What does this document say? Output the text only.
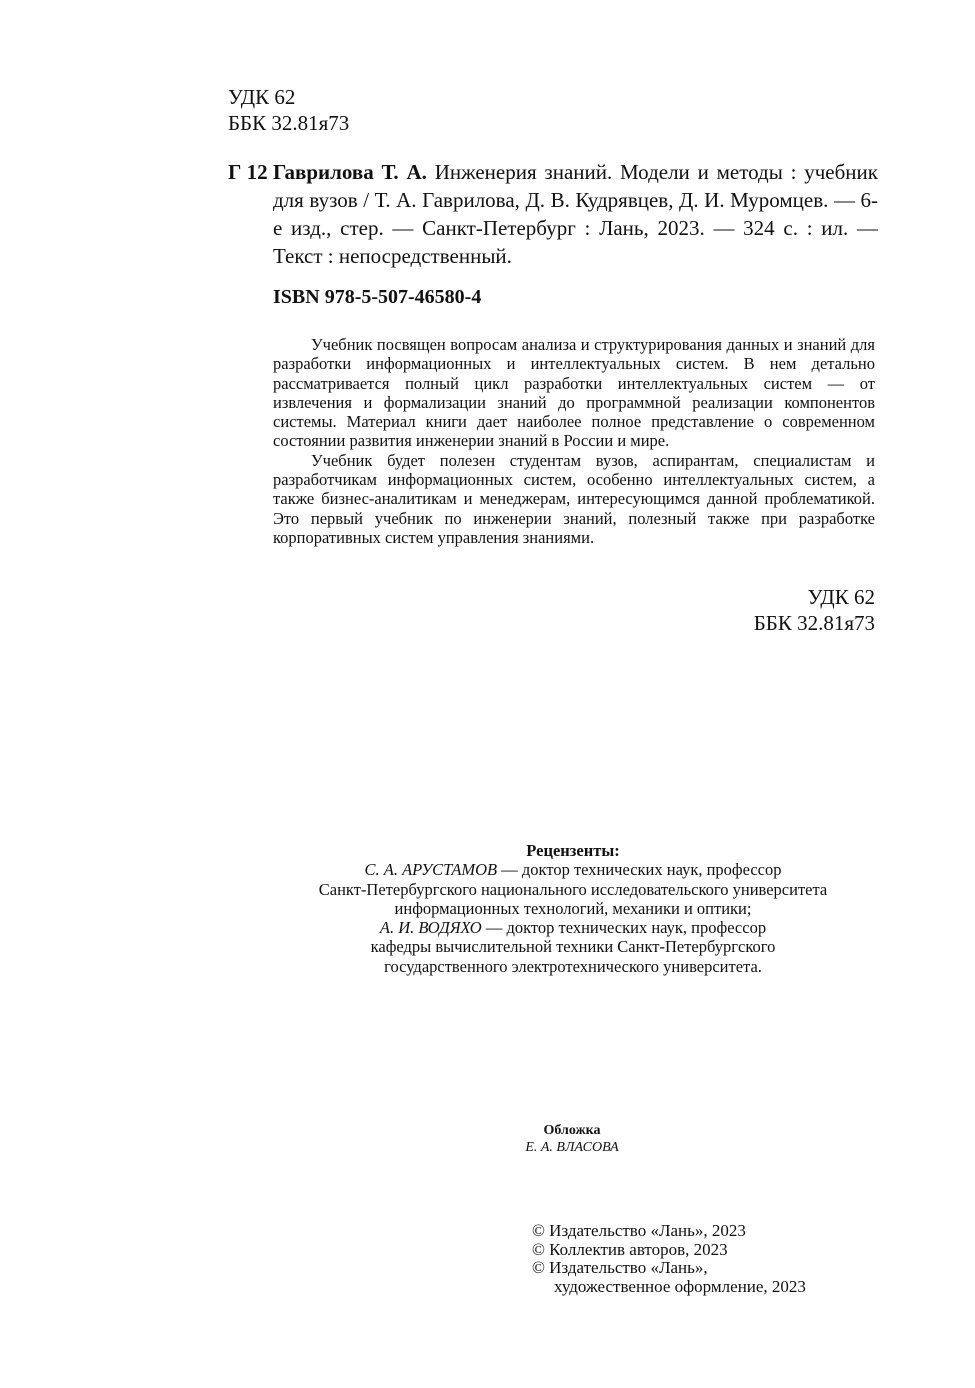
УДК 62
ББК 32.81я73
Г 12 Гаврилова Т. А. Инженерия знаний. Модели и методы : учебник для вузов / Т. А. Гаврилова, Д. В. Кудрявцев, Д. И. Муромцев. — 6-е изд., стер. — Санкт-Петербург : Лань, 2023. — 324 с. : ил. — Текст : непосредственный.
ISBN 978-5-507-46580-4

Учебник посвящен вопросам анализа и структурирования данных и знаний для разработки информационных и интеллектуальных систем. В нем детально рассматривается полный цикл разработки интеллектуальных систем — от извлечения и формализации знаний до программной реализации компонентов системы. Материал книги дает наиболее полное представление о современном состоянии развития инженерии знаний в России и мире.

Учебник будет полезен студентам вузов, аспирантам, специалистам и разработчикам информационных систем, особенно интеллектуальных систем, а также бизнес-аналитикам и менеджерам, интересующимся данной проблематикой. Это первый учебник по инженерии знаний, полезный также при разработке корпоративных систем управления знаниями.

УДК 62
ББК 32.81я73
Рецензенты:
С. А. АРУСТАМОВ — доктор технических наук, профессор
Санкт-Петербургского национального исследовательского университета
информационных технологий, механики и оптики;
А. И. ВОДЯХО — доктор технических наук, профессор
кафедры вычислительной техники Санкт-Петербургского
государственного электротехнического университета.
Обложка
Е. А. ВЛАСОВА
© Издательство «Лань», 2023
© Коллектив авторов, 2023
© Издательство «Лань»,
художественное оформление, 2023
